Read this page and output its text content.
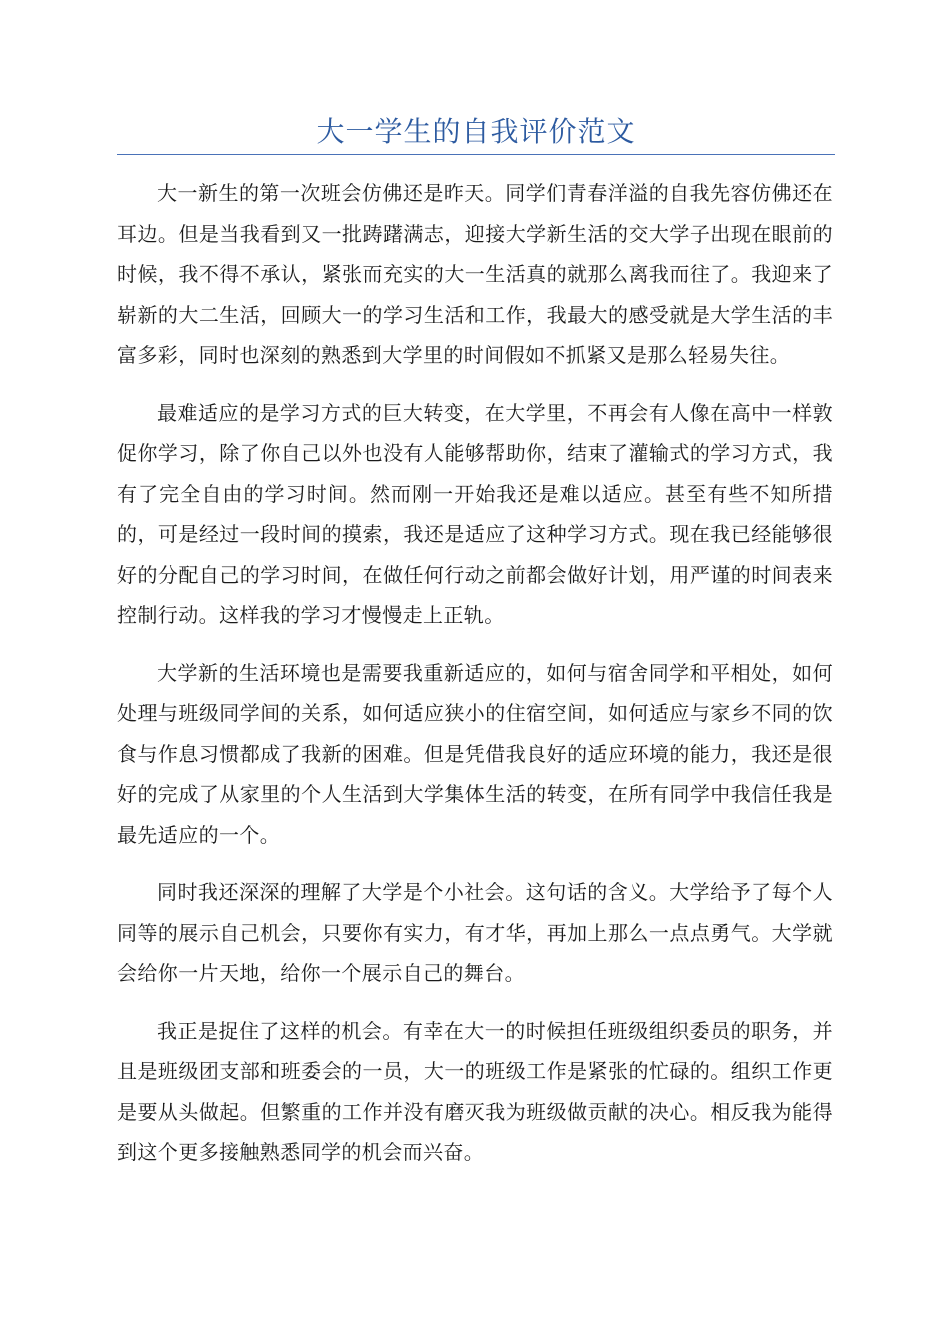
大一学生的自我评价范文

大一新生的第一次班会仿佛还是昨天。同学们青春洋溢的自我先容仿佛还在耳边。但是当我看到又一批踌躇满志，迎接大学新生活的交大学子出现在眼前的时候，我不得不承认，紧张而充实的大一生活真的就那么离我而往了。我迎来了崭新的大二生活，回顾大一的学习生活和工作，我最大的感受就是大学生活的丰富多彩，同时也深刻的熟悉到大学里的时间假如不抓紧又是那么轻易失往。

最难适应的是学习方式的巨大转变，在大学里，不再会有人像在高中一样敦促你学习，除了你自己以外也没有人能够帮助你，结束了灌输式的学习方式，我有了完全自由的学习时间。然而刚一开始我还是难以适应。甚至有些不知所措的，可是经过一段时间的摸索，我还是适应了这种学习方式。现在我已经能够很好的分配自己的学习时间，在做任何行动之前都会做好计划，用严谨的时间表来控制行动。这样我的学习才慢慢走上正轨。

大学新的生活环境也是需要我重新适应的，如何与宿舍同学和平相处，如何处理与班级同学间的关系，如何适应狭小的住宿空间，如何适应与家乡不同的饮食与作息习惯都成了我新的困难。但是凭借我良好的适应环境的能力，我还是很好的完成了从家里的个人生活到大学集体生活的转变，在所有同学中我信任我是最先适应的一个。

同时我还深深的理解了大学是个小社会。这句话的含义。大学给予了每个人同等的展示自己机会，只要你有实力，有才华，再加上那么一点点勇气。大学就会给你一片天地，给你一个展示自己的舞台。

我正是捉住了这样的机会。有幸在大一的时候担任班级组织委员的职务，并且是班级团支部和班委会的一员，大一的班级工作是紧张的忙碌的。组织工作更是要从头做起。但繁重的工作并没有磨灭我为班级做贡献的决心。相反我为能得到这个更多接触熟悉同学的机会而兴奋。
